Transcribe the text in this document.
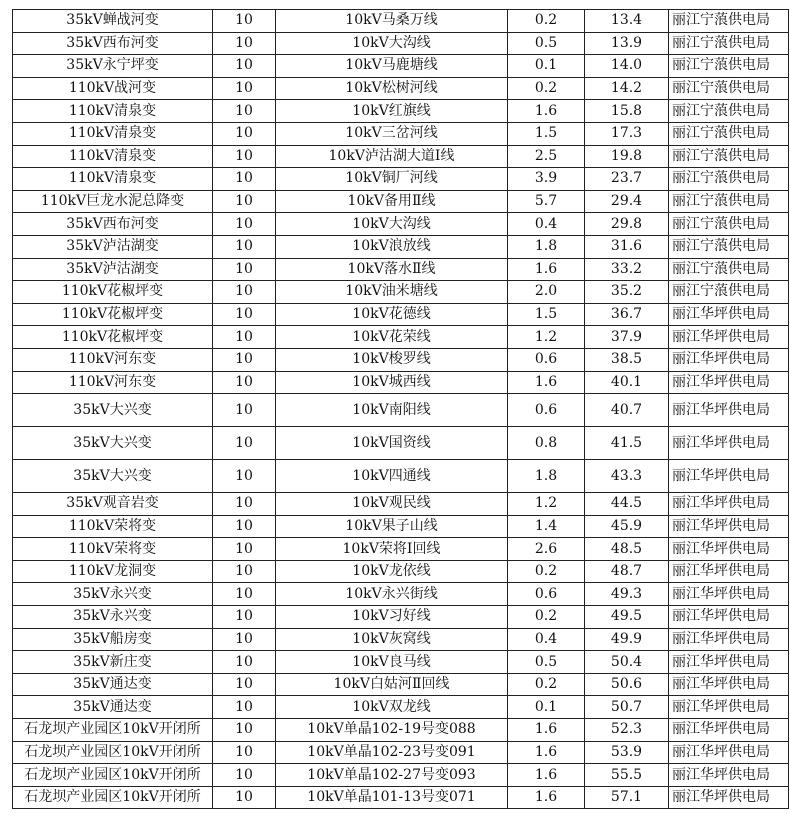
35kV蝉战河变	10	10kV马桑万线	0.2	13.4	丽江宁蒗供电局
35kV西布河变	10	10kV大沟线	0.5	13.9	丽江宁蒗供电局
35kV永宁坪变	10	10kV马鹿塘线	0.1	14.0	丽江宁蒗供电局
110kV战河变	10	10kV松树河线	0.2	14.2	丽江宁蒗供电局
110kV清泉变	10	10kV红旗线	1.6	15.8	丽江宁蒗供电局
110kV清泉变	10	10kV三岔河线	1.5	17.3	丽江宁蒗供电局
110kV清泉变	10	10kV泸沽湖大道Ⅰ线	2.5	19.8	丽江宁蒗供电局
110kV清泉变	10	10kV铜厂河线	3.9	23.7	丽江宁蒗供电局
110kV巨龙水泥总降变	10	10kV备用Ⅱ线	5.7	29.4	丽江宁蒗供电局
35kV西布河变	10	10kV大沟线	0.4	29.8	丽江宁蒗供电局
35kV泸沽湖变	10	10kV浪放线	1.8	31.6	丽江宁蒗供电局
35kV泸沽湖变	10	10kV落水Ⅱ线	1.6	33.2	丽江宁蒗供电局
110kV花椒坪变	10	10kV油米塘线	2.0	35.2	丽江宁蒗供电局
110kV花椒坪变	10	10kV花德线	1.5	36.7	丽江华坪供电局
110kV花椒坪变	10	10kV花荣线	1.2	37.9	丽江华坪供电局
110kV河东变	10	10kV梭罗线	0.6	38.5	丽江华坪供电局
110kV河东变	10	10kV城西线	1.6	40.1	丽江华坪供电局
35kV大兴变	10	10kV南阳线	0.6	40.7	丽江华坪供电局
35kV大兴变	10	10kV国资线	0.8	41.5	丽江华坪供电局
35kV大兴变	10	10kV四通线	1.8	43.3	丽江华坪供电局
35kV观音岩变	10	10kV观民线	1.2	44.5	丽江华坪供电局
110kV荣将变	10	10kV果子山线	1.4	45.9	丽江华坪供电局
110kV荣将变	10	10kV荣将Ⅰ回线	2.6	48.5	丽江华坪供电局
110kV龙洞变	10	10kV龙依线	0.2	48.7	丽江华坪供电局
35kV永兴变	10	10kV永兴街线	0.6	49.3	丽江华坪供电局
35kV永兴变	10	10kV习好线	0.2	49.5	丽江华坪供电局
35kV船房变	10	10kV灰窝线	0.4	49.9	丽江华坪供电局
35kV新庄变	10	10kV良马线	0.5	50.4	丽江华坪供电局
35kV通达变	10	10kV白姑河Ⅱ回线	0.2	50.6	丽江华坪供电局
35kV通达变	10	10kV双龙线	0.1	50.7	丽江华坪供电局
石龙坝产业园区10kV开闭所	10	10kV单晶102-19号变088	1.6	52.3	丽江华坪供电局
石龙坝产业园区10kV开闭所	10	10kV单晶102-23号变091	1.6	53.9	丽江华坪供电局
石龙坝产业园区10kV开闭所	10	10kV单晶102-27号变093	1.6	55.5	丽江华坪供电局
石龙坝产业园区10kV开闭所	10	10kV单晶101-13号变071	1.6	57.1	丽江华坪供电局
